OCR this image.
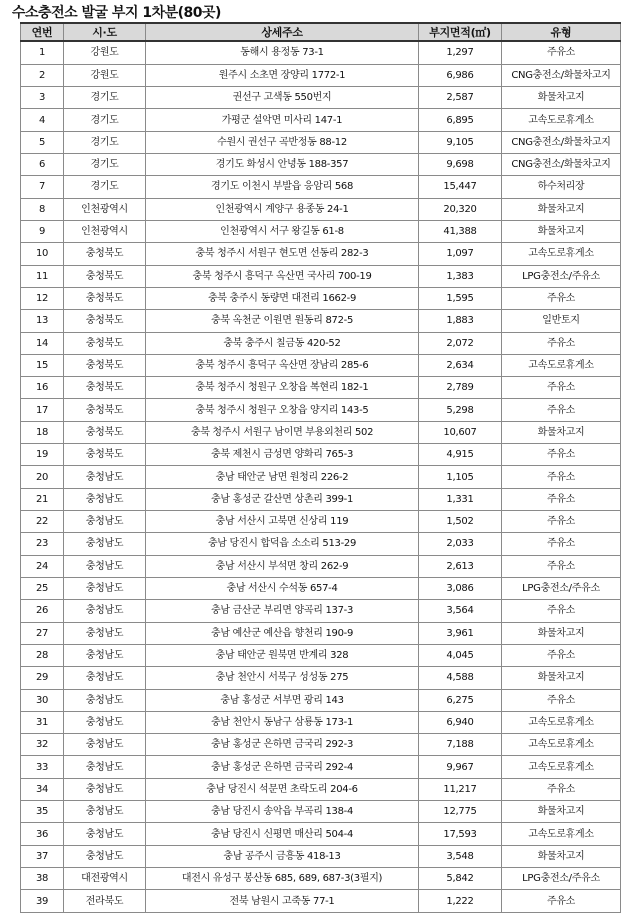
수소충전소 발굴 부지 1차분(80곳)
연번	시·도	상세주소	부지면적(㎡)	유형
1	강원도	동해시 용정동 73-1	1,297	주유소
2	강원도	원주시 소초면 장양리 1772-1	6,986	CNG충전소/화물차고지
3	경기도	권선구 고색동 550번지	2,587	화물차고지
4	경기도	가평군 설악면 미사리 147-1	6,895	고속도로휴게소
5	경기도	수원시 권선구 곡반정동 88-12	9,105	CNG충전소/화물차고지
6	경기도	경기도 화성시 안녕동 188-357	9,698	CNG충전소/화물차고지
7	경기도	경기도 이천시 부발읍 응암리 568	15,447	하수처리장
8	인천광역시	인천광역시 계양구 용종동 24-1	20,320	화물차고지
9	인천광역시	인천광역시 서구 왕길동 61-8	41,388	화물차고지
10	충청북도	충북 청주시 서원구 현도면 선동리 282-3	1,097	고속도로휴게소
11	충청북도	충북 청주시 흥덕구 옥산면 국사리 700-19	1,383	LPG충전소/주유소
12	충청북도	충북 충주시 동량면 대전리 1662-9	1,595	주유소
13	충청북도	충북 옥천군 이원면 원동리 872-5	1,883	일반토지
14	충청북도	충북 충주시 칠금동 420-52	2,072	주유소
15	충청북도	충북 청주시 흥덕구 옥산면 장남리 285-6	2,634	고속도로휴게소
16	충청북도	충북 청주시 청원구 오창읍 복현리 182-1	2,789	주유소
17	충청북도	충북 청주시 청원구 오창읍 양지리 143-5	5,298	주유소
18	충청북도	충북 청주시 서원구 남이면 부용외천리 502	10,607	화물차고지
19	충청북도	충북 제천시 금성면 양화리 765-3	4,915	주유소
20	충청남도	충남 태안군 남면 원청리 226-2	1,105	주유소
21	충청남도	충남 홍성군 갈산면 상촌리 399-1	1,331	주유소
22	충청남도	충남 서산시 고북면 신상리 119	1,502	주유소
23	충청남도	충남 당진시 합덕읍 소소리 513-29	2,033	주유소
24	충청남도	충남 서산시 부석면 창리 262-9	2,613	주유소
25	충청남도	충남 서산시 수석동 657-4	3,086	LPG충전소/주유소
26	충청남도	충남 금산군 부리면 양곡리 137-3	3,564	주유소
27	충청남도	충남 예산군 예산읍 향천리 190-9	3,961	화물차고지
28	충청남도	충남 태안군 원북면 반계리 328	4,045	주유소
29	충청남도	충남 천안시 서북구 성성동 275	4,588	화물차고지
30	충청남도	충남 홍성군 서부면 광리 143	6,275	주유소
31	충청남도	충남 천안시 동남구 삼룡동 173-1	6,940	고속도로휴게소
32	충청남도	충남 홍성군 은하면 금국리 292-3	7,188	고속도로휴게소
33	충청남도	충남 홍성군 은하면 금국리 292-4	9,967	고속도로휴게소
34	충청남도	충남 당진시 석문면 초락도리 204-6	11,217	주유소
35	충청남도	충남 당진시 송악읍 부곡리 138-4	12,775	화물차고지
36	충청남도	충남 당진시 신평면 매산리 504-4	17,593	고속도로휴게소
37	충청남도	충남 공주시 금흥동 418-13	3,548	화물차고지
38	대전광역시	대전시 유성구 봉산동 685, 689, 687-3(3필지)	5,842	LPG충전소/주유소
39	전라북도	전북 남원시 고죽동 77-1	1,222	주유소
